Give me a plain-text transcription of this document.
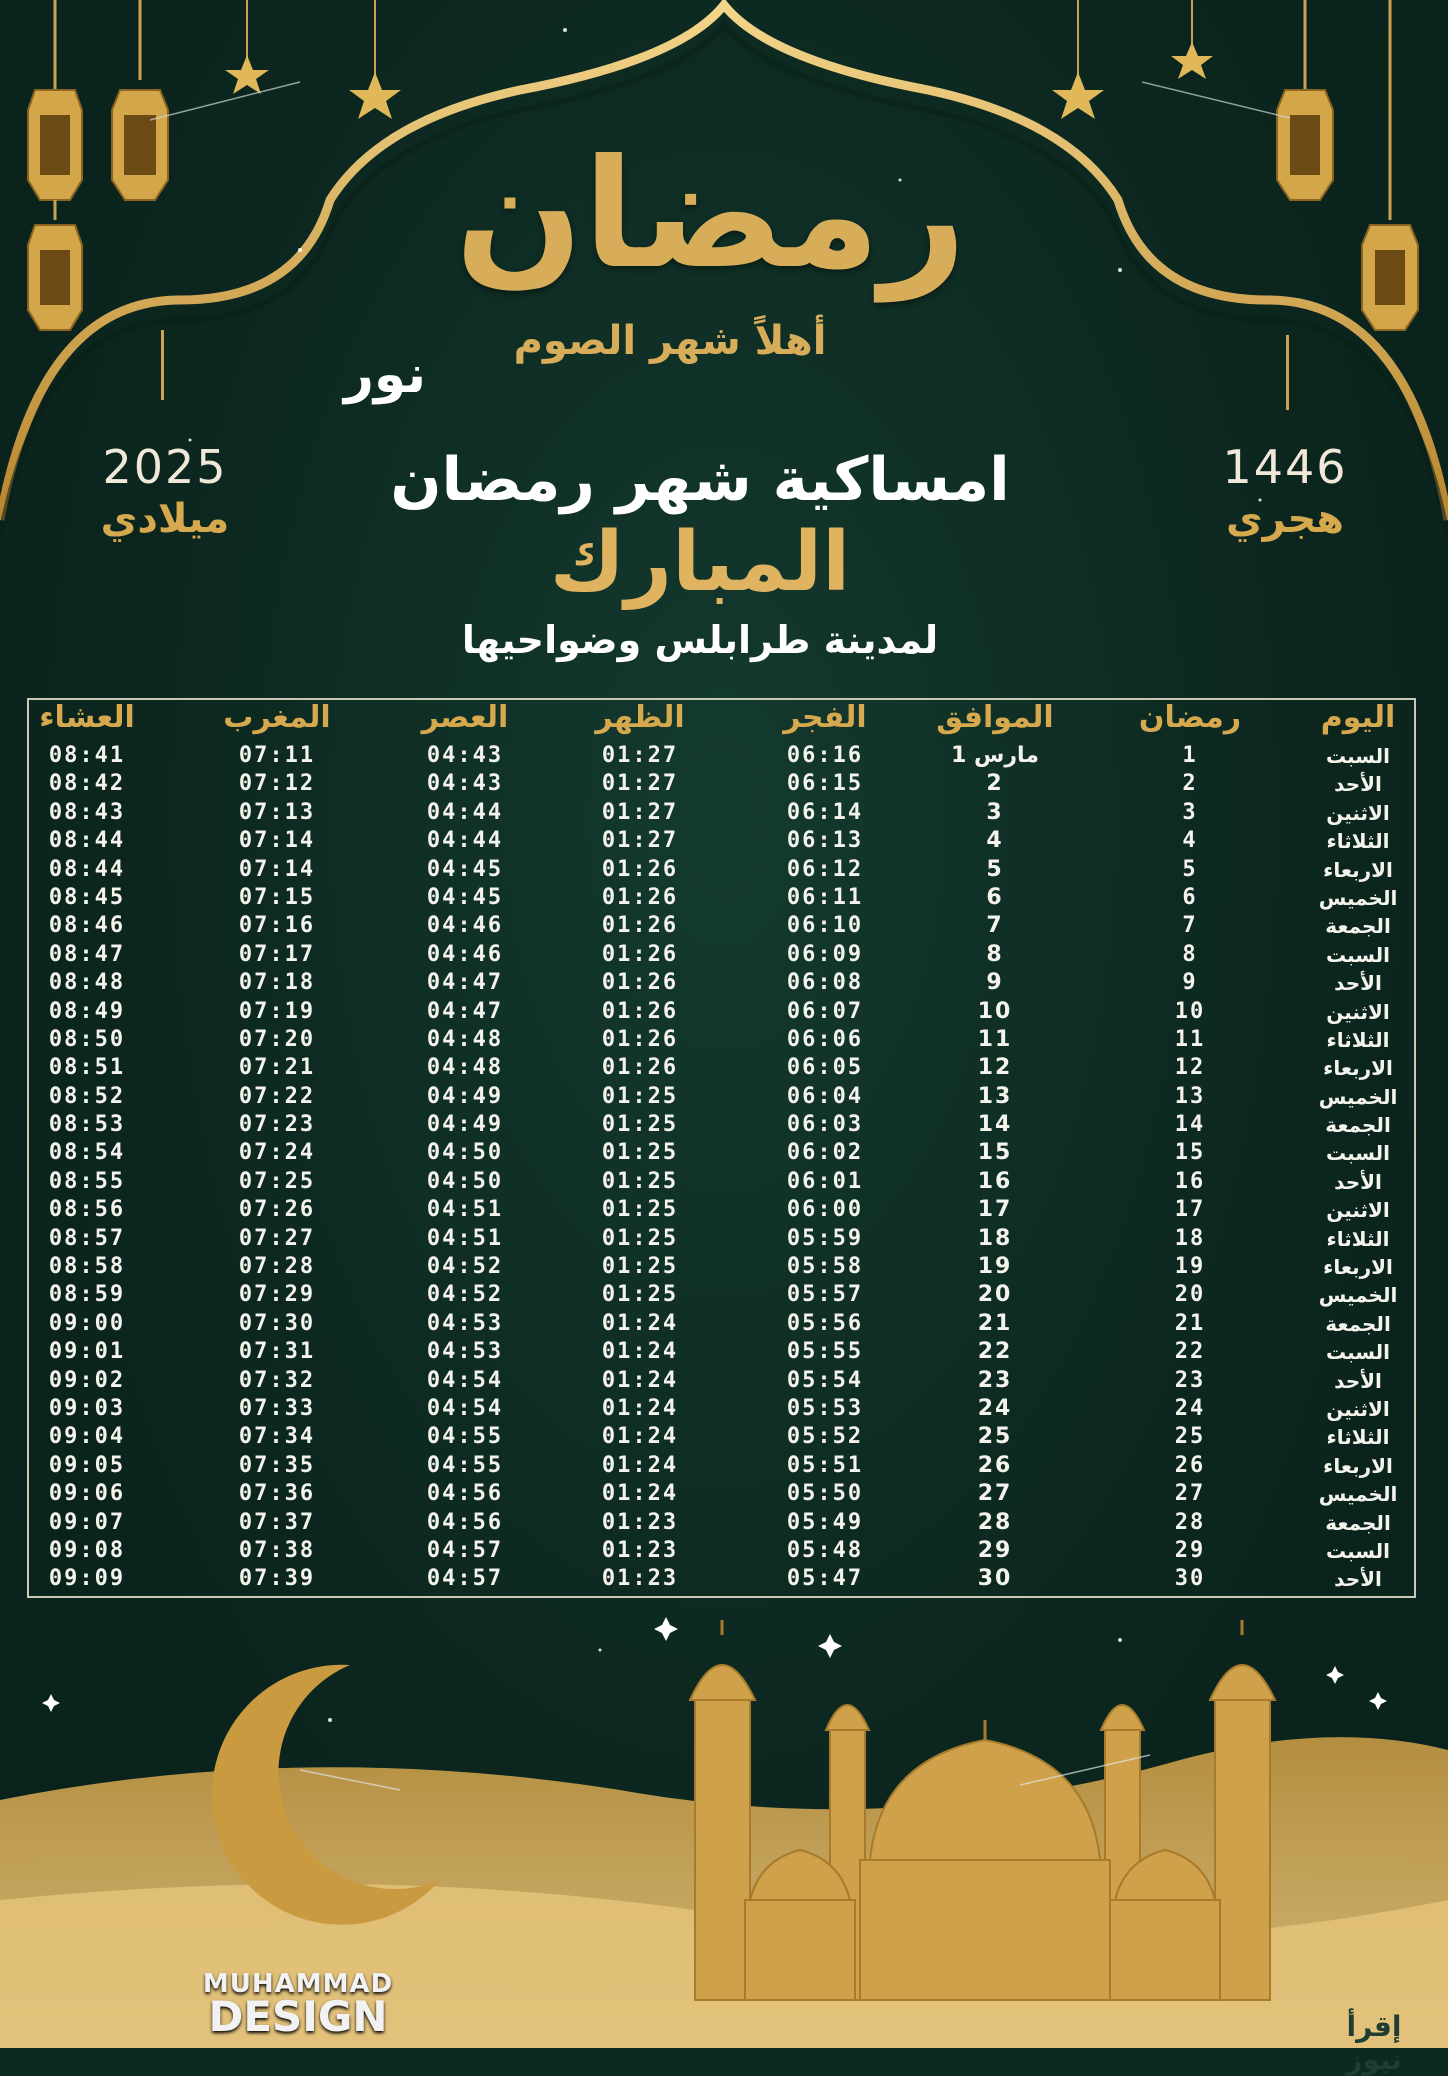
رمضان
أهلاً شهر الصوم
نور
2025
ميلادي
1446
هجري
امساكية شهر رمضان
المبارك
لمدينة طرابلس وضواحيها
اليوم
رمضان
الموافق
الفجر
الظهر
العصر
المغرب
العشاء
السبت
1
1 مارس
06:16
01:27
04:43
07:11
08:41
الأحد
2
2
06:15
01:27
04:43
07:12
08:42
الاثنين
3
3
06:14
01:27
04:44
07:13
08:43
الثلاثاء
4
4
06:13
01:27
04:44
07:14
08:44
الاربعاء
5
5
06:12
01:26
04:45
07:14
08:44
الخميس
6
6
06:11
01:26
04:45
07:15
08:45
الجمعة
7
7
06:10
01:26
04:46
07:16
08:46
السبت
8
8
06:09
01:26
04:46
07:17
08:47
الأحد
9
9
06:08
01:26
04:47
07:18
08:48
الاثنين
10
10
06:07
01:26
04:47
07:19
08:49
الثلاثاء
11
11
06:06
01:26
04:48
07:20
08:50
الاربعاء
12
12
06:05
01:26
04:48
07:21
08:51
الخميس
13
13
06:04
01:25
04:49
07:22
08:52
الجمعة
14
14
06:03
01:25
04:49
07:23
08:53
السبت
15
15
06:02
01:25
04:50
07:24
08:54
الأحد
16
16
06:01
01:25
04:50
07:25
08:55
الاثنين
17
17
06:00
01:25
04:51
07:26
08:56
الثلاثاء
18
18
05:59
01:25
04:51
07:27
08:57
الاربعاء
19
19
05:58
01:25
04:52
07:28
08:58
الخميس
20
20
05:57
01:25
04:52
07:29
08:59
الجمعة
21
21
05:56
01:24
04:53
07:30
09:00
السبت
22
22
05:55
01:24
04:53
07:31
09:01
الأحد
23
23
05:54
01:24
04:54
07:32
09:02
الاثنين
24
24
05:53
01:24
04:54
07:33
09:03
الثلاثاء
25
25
05:52
01:24
04:55
07:34
09:04
الاربعاء
26
26
05:51
01:24
04:55
07:35
09:05
الخميس
27
27
05:50
01:24
04:56
07:36
09:06
الجمعة
28
28
05:49
01:23
04:56
07:37
09:07
السبت
29
29
05:48
01:23
04:57
07:38
09:08
الأحد
30
30
05:47
01:23
04:57
07:39
09:09
MUHAMMAD
DESIGN	إقرأ نيوز
